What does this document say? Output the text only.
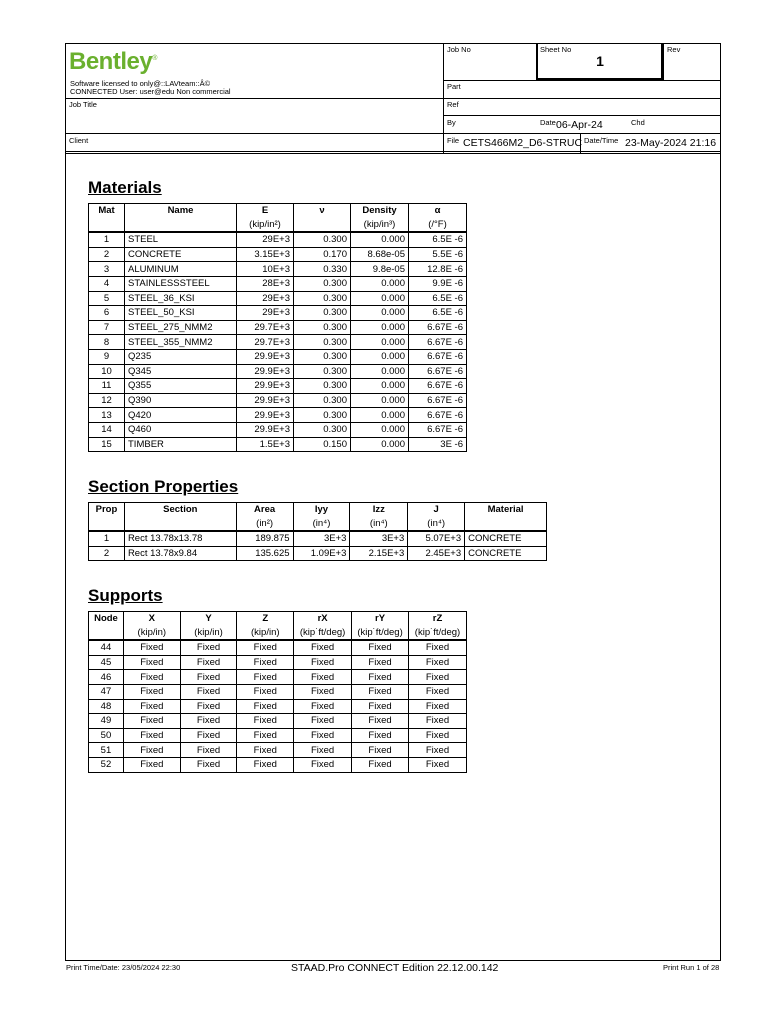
Bentley®
Software licensed to only@::LAVteam::Â©
CONNECTED User: user@edu Non commercial
Job No	Sheet No
1
Rev
Part
Job Title	Ref
By	Date 06-Apr-24	Chd
Client	File CETS466M2_D6-STRUC Date/Time 23-May-2024 21:16
Materials
Mat	Name	E	ν	Density	α
		(kip/in²)		(kip/in³)	(/°F)
1	STEEL	29E+3	0.300	0.000	6.5E -6
2	CONCRETE	3.15E+3	0.170	8.68e-05	5.5E -6
3	ALUMINUM	10E+3	0.330	9.8e-05	12.8E -6
4	STAINLESSSTEEL	28E+3	0.300	0.000	9.9E -6
5	STEEL_36_KSI	29E+3	0.300	0.000	6.5E -6
6	STEEL_50_KSI	29E+3	0.300	0.000	6.5E -6
7	STEEL_275_NMM2	29.7E+3	0.300	0.000	6.67E -6
8	STEEL_355_NMM2	29.7E+3	0.300	0.000	6.67E -6
9	Q235	29.9E+3	0.300	0.000	6.67E -6
10	Q345	29.9E+3	0.300	0.000	6.67E -6
11	Q355	29.9E+3	0.300	0.000	6.67E -6
12	Q390	29.9E+3	0.300	0.000	6.67E -6
13	Q420	29.9E+3	0.300	0.000	6.67E -6
14	Q460	29.9E+3	0.300	0.000	6.67E -6
15	TIMBER	1.5E+3	0.150	0.000	3E -6
Section Properties
Prop	Section	Area	Iyy	Izz	J	Material
		(in²)	(in⁴)	(in⁴)	(in⁴)	
1	Rect 13.78x13.78	189.875	3E+3	3E+3	5.07E+3	CONCRETE
2	Rect 13.78x9.84	135.625	1.09E+3	2.15E+3	2.45E+3	CONCRETE
Supports
Node	X	Y	Z	rX	rY	rZ
	(kip/in)	(kip/in)	(kip/in)	(kip˙ft/deg)	(kip˙ft/deg)	(kip˙ft/deg)
44	Fixed	Fixed	Fixed	Fixed	Fixed	Fixed
45	Fixed	Fixed	Fixed	Fixed	Fixed	Fixed
46	Fixed	Fixed	Fixed	Fixed	Fixed	Fixed
47	Fixed	Fixed	Fixed	Fixed	Fixed	Fixed
48	Fixed	Fixed	Fixed	Fixed	Fixed	Fixed
49	Fixed	Fixed	Fixed	Fixed	Fixed	Fixed
50	Fixed	Fixed	Fixed	Fixed	Fixed	Fixed
51	Fixed	Fixed	Fixed	Fixed	Fixed	Fixed
52	Fixed	Fixed	Fixed	Fixed	Fixed	Fixed
Print Time/Date: 23/05/2024 22:30	STAAD.Pro CONNECT Edition 22.12.00.142	Print Run 1 of 28
